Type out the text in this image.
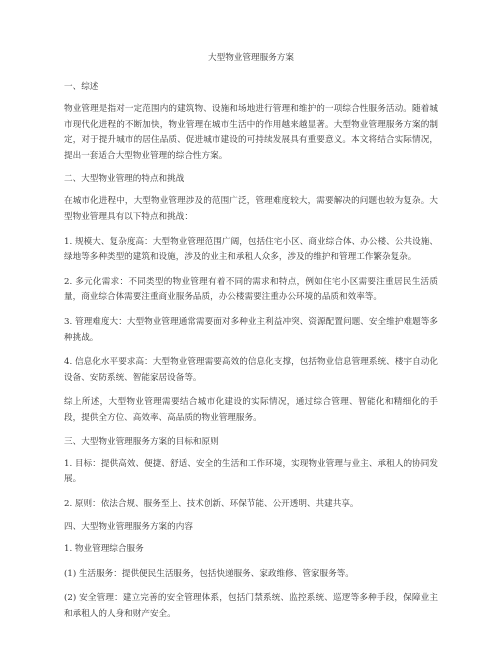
大型物业管理服务方案
一、综述
物业管理是指对一定范围内的建筑物、设施和场地进行管理和维护的一项综合性服务活动。随着城市现代化进程的不断加快，物业管理在城市生活中的作用越来越显著。大型物业管理服务方案的制定，对于提升城市的居住品质、促进城市建设的可持续发展具有重要意义。本文将结合实际情况，提出一套适合大型物业管理的综合性方案。
二、大型物业管理的特点和挑战
在城市化进程中，大型物业管理涉及的范围广泛，管理难度较大，需要解决的问题也较为复杂。大型物业管理具有以下特点和挑战：
1. 规模大、复杂度高：大型物业管理范围广阔，包括住宅小区、商业综合体、办公楼、公共设施、绿地等多种类型的建筑和设施，涉及的业主和承租人众多，涉及的维护和管理工作繁杂复杂。
2. 多元化需求：不同类型的物业管理有着不同的需求和特点，例如住宅小区需要注重居民生活质量，商业综合体需要注重商业服务品质，办公楼需要注重办公环境的品质和效率等。
3. 管理难度大：大型物业管理通常需要面对多种业主利益冲突、资源配置问题、安全维护难题等多种挑战。
4. 信息化水平要求高：大型物业管理需要高效的信息化支撑，包括物业信息管理系统、楼宇自动化设备、安防系统、智能家居设备等。
综上所述，大型物业管理需要结合城市化建设的实际情况，通过综合管理、智能化和精细化的手段，提供全方位、高效率、高品质的物业管理服务。
三、大型物业管理服务方案的目标和原则
1. 目标：提供高效、便捷、舒适、安全的生活和工作环境，实现物业管理与业主、承租人的协同发展。
2. 原则：依法合规、服务至上、技术创新、环保节能、公开透明、共建共享。
四、大型物业管理服务方案的内容
1. 物业管理综合服务
(1) 生活服务：提供便民生活服务，包括快递服务、家政维修、管家服务等。
(2) 安全管理：建立完善的安全管理体系，包括门禁系统、监控系统、巡逻等多种手段，保障业主和承租人的人身和财产安全。
